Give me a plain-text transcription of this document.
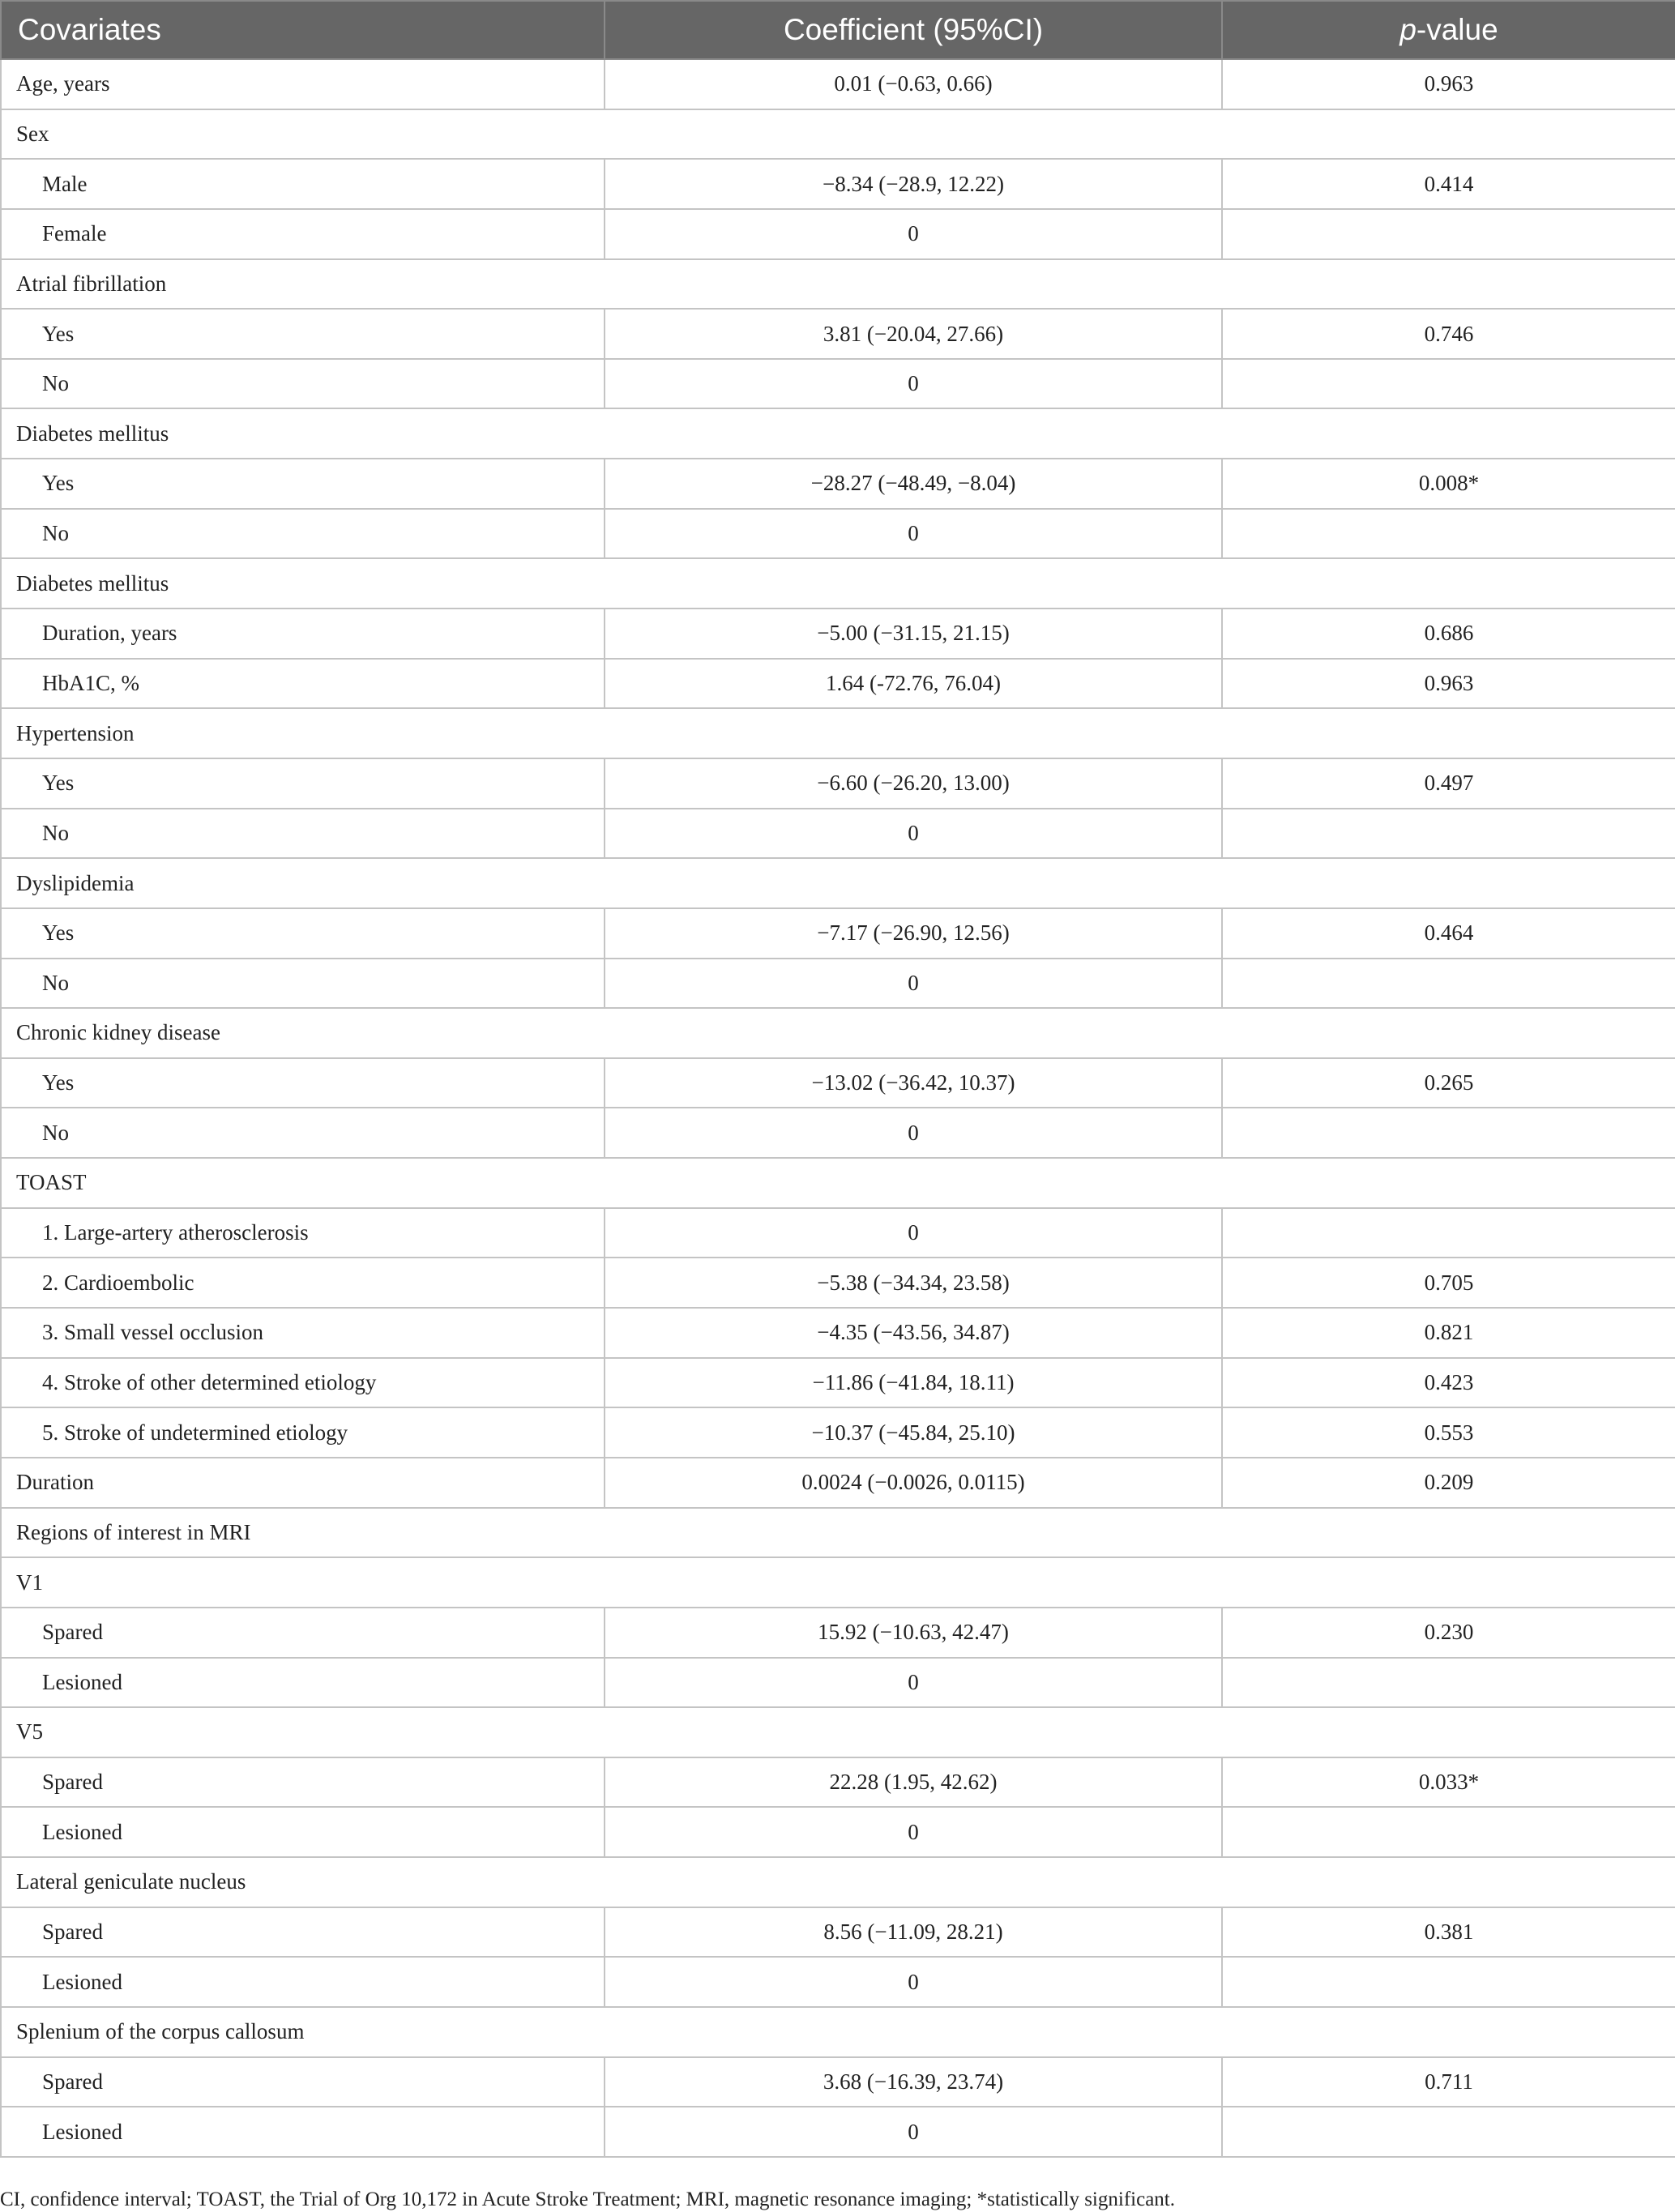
Covariates	Coefficient (95%CI)	p-value
Age, years	0.01 (−0.63, 0.66)	0.963
Sex		
Male	−8.34 (−28.9, 12.22)	0.414
Female	0	
Atrial fibrillation		
Yes	3.81 (−20.04, 27.66)	0.746
No	0	
Diabetes mellitus		
Yes	−28.27 (−48.49, −8.04)	0.008*
No	0	
Diabetes mellitus		
Duration, years	−5.00 (−31.15, 21.15)	0.686
HbA1C, %	1.64 (-72.76, 76.04)	0.963
Hypertension		
Yes	−6.60 (−26.20, 13.00)	0.497
No	0	
Dyslipidemia		
Yes	−7.17 (−26.90, 12.56)	0.464
No	0	
Chronic kidney disease		
Yes	−13.02 (−36.42, 10.37)	0.265
No	0	
TOAST		
1. Large-artery atherosclerosis	0	
2. Cardioembolic	−5.38 (−34.34, 23.58)	0.705
3. Small vessel occlusion	−4.35 (−43.56, 34.87)	0.821
4. Stroke of other determined etiology	−11.86 (−41.84, 18.11)	0.423
5. Stroke of undetermined etiology	−10.37 (−45.84, 25.10)	0.553
Duration	0.0024 (−0.0026, 0.0115)	0.209
Regions of interest in MRI		
V1		
Spared	15.92 (−10.63, 42.47)	0.230
Lesioned	0	
V5		
Spared	22.28 (1.95, 42.62)	0.033*
Lesioned	0	
Lateral geniculate nucleus		
Spared	8.56 (−11.09, 28.21)	0.381
Lesioned	0	
Splenium of the corpus callosum		
Spared	3.68 (−16.39, 23.74)	0.711
Lesioned	0	
CI, confidence interval; TOAST, the Trial of Org 10,172 in Acute Stroke Treatment; MRI, magnetic resonance imaging; *statistically significant.
